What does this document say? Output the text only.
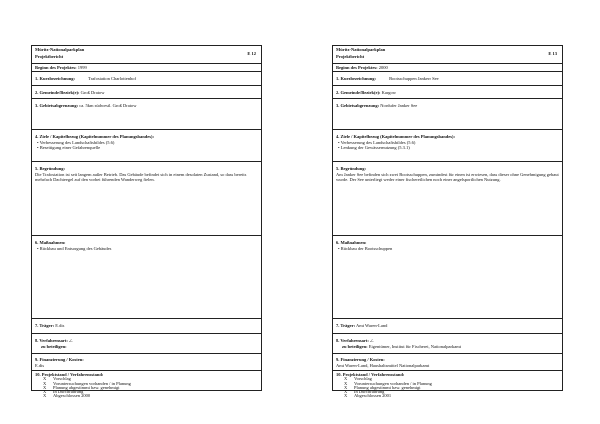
Müritz-Nationalparkplan
Projektbericht
E 12
Beginn des Projektes: 1999
1. Kurzbezeichnung:	Trafostation Charlottenhof
2. Gemeinde/Bezirk(e): Groß Dratow
3. Gebietsabgrenzung: ca. 5km südwestl. Groß Dratow
4. Ziele / Kapitelbezug (Kapitelnummer des Planungsbandes):
• Verbesserung des Landschaftsbildes (5.6)
• Beseitigung einer Gefahrenquelle
5. Begründung:
Die Trafostation ist seit langem außer Betrieb. Das Gebäude befindet sich in einem desolaten Zustand, so dass bereits mehrfach Dachteegel auf den vorbei führenden Wanderweg fielen.
6. Maßnahmen:
• Rückbau und Entsorgung des Gebäudes
7. Träger: E.dis
8. Verfahrensart: ./.
zu beteiligen:
9. Finanzierung / Kosten:
E.dis
10. Projektstand / Verfahrensstand:
X Vorschlag
X Voruntersuchungen vorhanden / in Planung
X Planung abgestimmt bzw. genehmigt
X In Durchführung
X Abgeschlossen 2000
Müritz-Nationalparkplan
Projektbericht
E 13
Beginn des Projektes: 2000
1. Kurzbezeichnung:	Bootsschuppen Jankerr See
2. Gemeinde/Bezirk(e): Kargow
3. Gebietsabgrenzung: Nordufer Janker See
4. Ziele / Kapitelbezug (Kapitelnummer des Planungsbandes):
• Verbesserung des Landschaftsbildes (5.6)
• Lenkung der Gewässernutzung (5.3.1)
5. Begründung:
Am Janker See befinden sich zwei Bootsschuppen, zumindest für einen ist erwiesen, dass dieser ohne Genehmigung gebaut wurde. Der See unterliegt weder einer fischereilichen noch einer angelsportlichen Nutzung.
6. Maßnahmen:
• Rückbau der Bootsschuppen
7. Träger: Amt Waren-Land
8. Verfahrensart: ./.
zu beteiligen: Eigentümer, Institut für Fischerei, Nationalparkamt
9. Finanzierung / Kosten:
Amt Waren-Land, Haushaltsmittel Nationalparkamt
10. Projektstand / Verfahrensstand:
X Vorschlag
X Voruntersuchungen vorhanden / in Planung
X Planung abgestimmt bzw. genehmigt
X In Durchführung
X Abgeschlossen 2001
